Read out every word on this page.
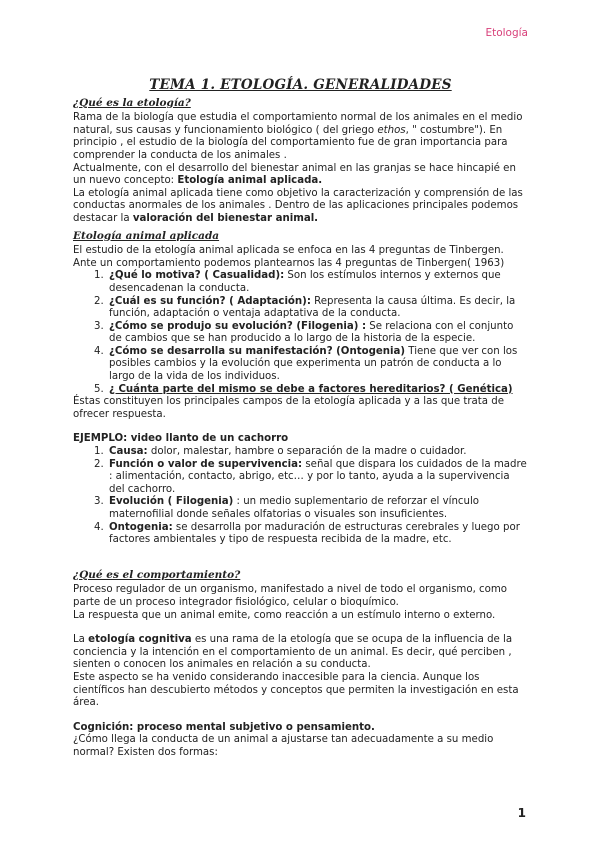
Etología
TEMA 1. ETOLOGÍA. GENERALIDADES
¿Qué es la etología?

Rama de la biología que estudia el comportamiento normal de los animales en el medio natural, sus causas y funcionamiento biológico ( del griego ethos, " costumbre"). En principio , el estudio de la biología del comportamiento fue de gran importancia para comprender la conducta de los animales .

Actualmente, con el desarrollo del bienestar animal en las granjas se hace hincapié en un nuevo concepto: Etología animal aplicada.

La etología animal aplicada tiene como objetivo la caracterización y comprensión de las conductas anormales de los animales . Dentro de las aplicaciones principales podemos destacar la valoración del bienestar animal.

Etología animal aplicada

El estudio de la etología animal aplicada se enfoca en las 4 preguntas de Tinbergen. Ante un comportamiento podemos plantearnos las 4 preguntas de Tinbergen( 1963)

1. ¿Qué lo motiva? ( Casualidad): Son los estímulos internos y externos que desencadenan la conducta.
2. ¿Cuál es su función? ( Adaptación): Representa la causa última. Es decir, la función, adaptación o ventaja adaptativa de la conducta.
3. ¿Cómo se produjo su evolución? (Filogenia) : Se relaciona con el conjunto de cambios que se han producido a lo largo de la historia de la especie.
4. ¿Cómo se desarrolla su manifestación? (Ontogenia) Tiene que ver con los posibles cambios y la evolución que experimenta un patrón de conducta a lo largo de la vida de los individuos.
5. ¿ Cuánta parte del mismo se debe a factores hereditarios? ( Genética)

Éstas constituyen los principales campos de la etología aplicada y a las que trata de ofrecer respuesta.

EJEMPLO: video llanto de un cachorro

1. Causa: dolor, malestar, hambre o separación de la madre o cuidador.
2. Función o valor de supervivencia: señal que dispara los cuidados de la madre : alimentación, contacto, abrigo, etc… y por lo tanto, ayuda a la supervivencia del cachorro.
3. Evolución ( Filogenia) : un medio suplementario de reforzar el vínculo maternofilial donde señales olfatorias o visuales son insuficientes.
4. Ontogenia: se desarrolla por maduración de estructuras cerebrales y luego por factores ambientales y tipo de respuesta recibida de la madre, etc.
¿Qué es el comportamiento?

Proceso regulador de un organismo, manifestado a nivel de todo el organismo, como parte de un proceso integrador fisiológico, celular o bioquímico.

La respuesta que un animal emite, como reacción a un estímulo interno o externo.

La etología cognitiva es una rama de la etología que se ocupa de la influencia de la conciencia y la intención en el comportamiento de un animal. Es decir, qué perciben , sienten o conocen los animales en relación a su conducta.

Este aspecto se ha venido considerando inaccesible para la ciencia. Aunque los científicos han descubierto métodos y conceptos que permiten la investigación en esta área.

Cognición: proceso mental subjetivo o pensamiento.

¿Cómo llega la conducta de un animal a ajustarse tan adecuadamente a su medio normal? Existen dos formas:

1
